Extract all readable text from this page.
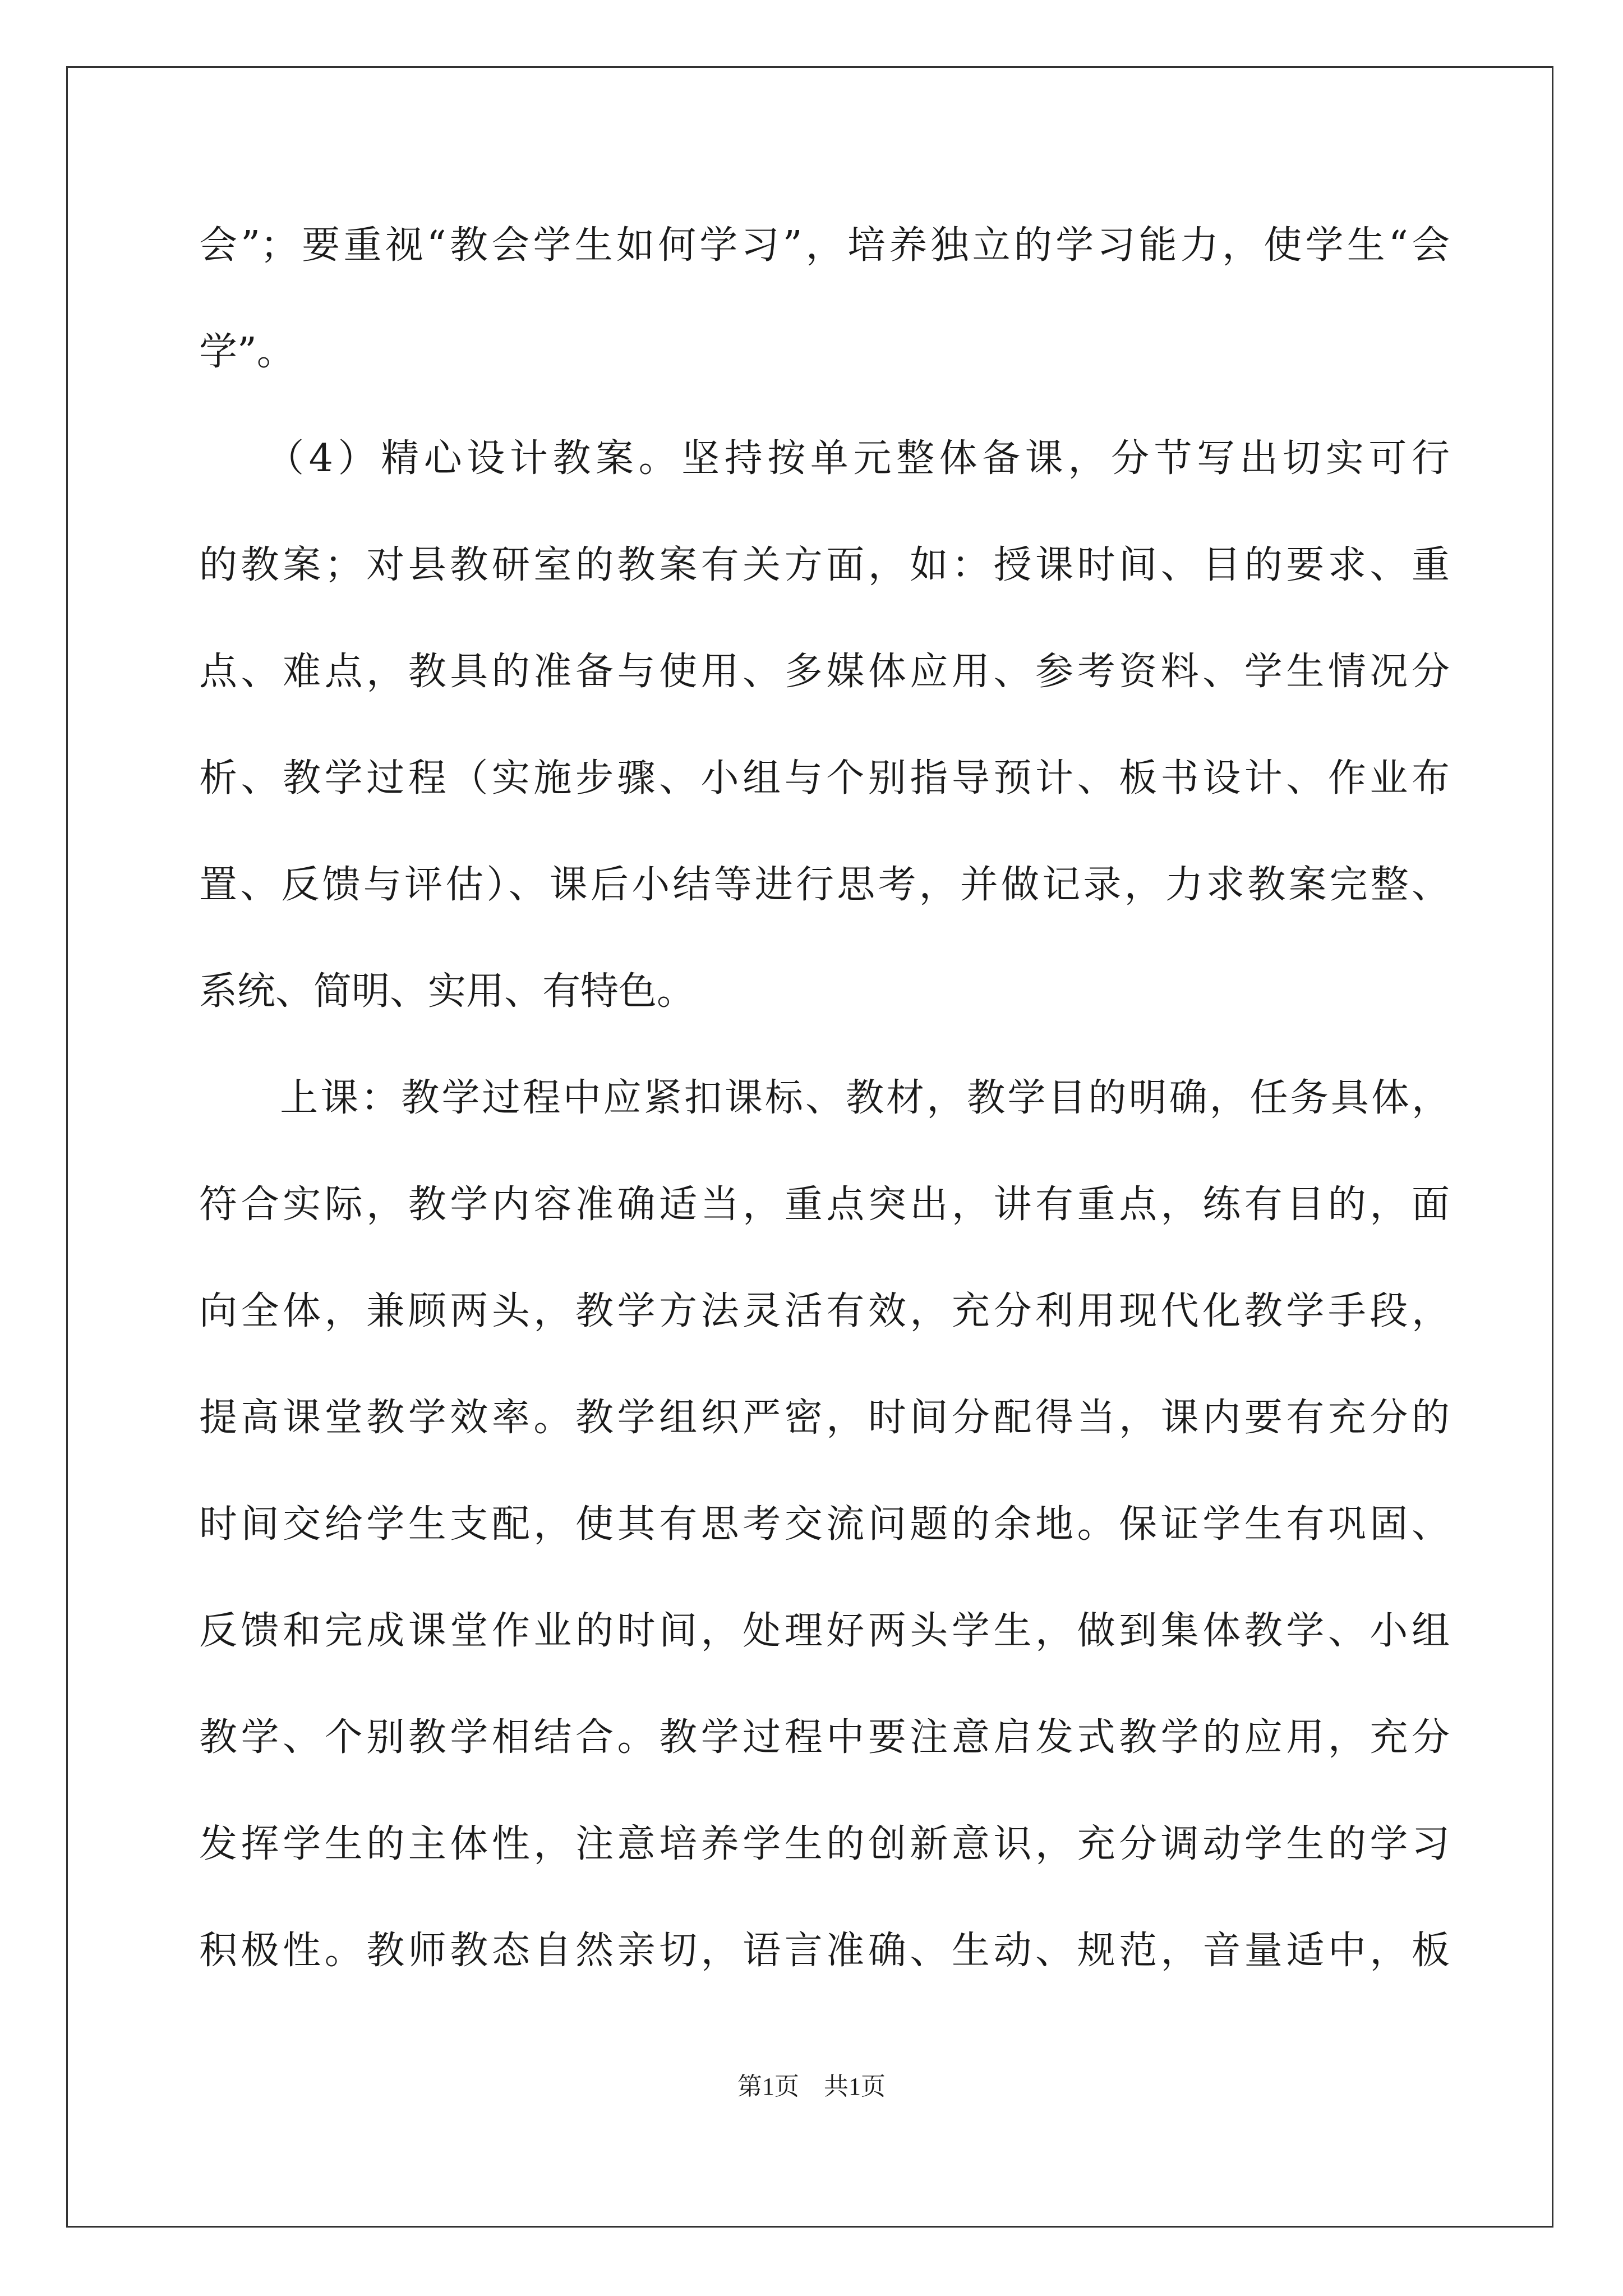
会”；要重视“教会学生如何学习”，培养独立的学习能力，使学生“会

学”。

　　（4）精心设计教案。坚持按单元整体备课，分节写出切实可行

的教案；对县教研室的教案有关方面，如：授课时间、目的要求、重

点、难点，教具的准备与使用、多媒体应用、参考资料、学生情况分

析、教学过程（实施步骤、小组与个别指导预计、板书设计、作业布

置、反馈与评估）、课后小结等进行思考，并做记录，力求教案完整、

系统、简明、实用、有特色。

　　上课：教学过程中应紧扣课标、教材，教学目的明确，任务具体，

符合实际，教学内容准确适当，重点突出，讲有重点，练有目的，面

向全体，兼顾两头，教学方法灵活有效，充分利用现代化教学手段，

提高课堂教学效率。教学组织严密，时间分配得当，课内要有充分的

时间交给学生支配，使其有思考交流问题的余地。保证学生有巩固、

反馈和完成课堂作业的时间，处理好两头学生，做到集体教学、小组

教学、个别教学相结合。教学过程中要注意启发式教学的应用，充分

发挥学生的主体性，注意培养学生的创新意识，充分调动学生的学习

积极性。教师教态自然亲切，语言准确、生动、规范，音量适中，板

第1页　共1页
